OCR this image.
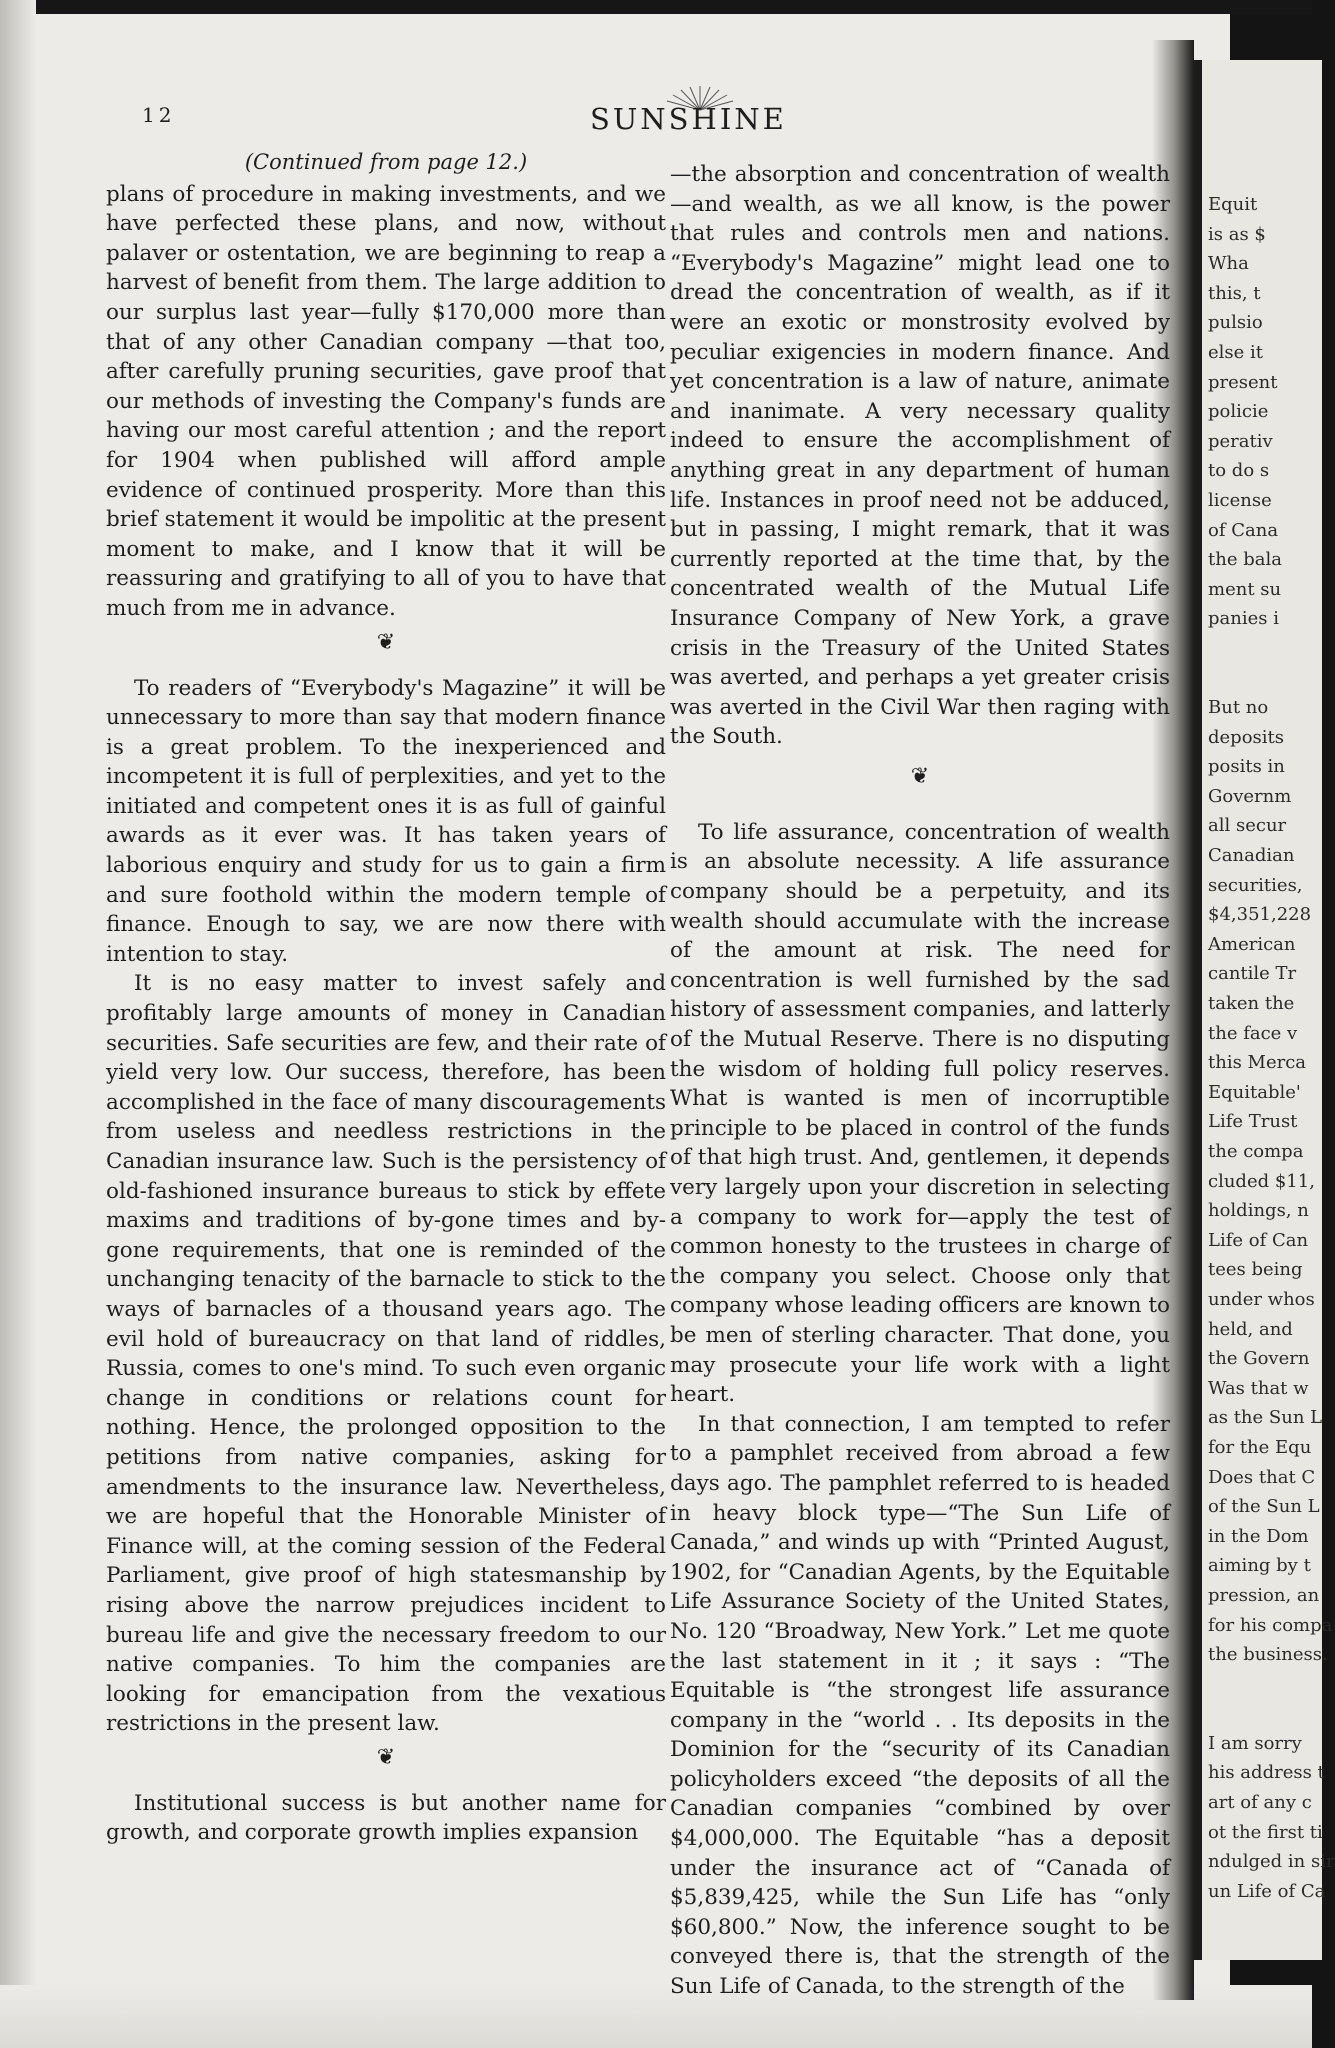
Equit
is as $
Wha
this, t
pulsio
else it
present
policie
perativ
to do s
license
of Cana
the bala
ment su
panies i
But no
deposits
posits in
Governm
all secur
Canadian
securities,
$4,351,228
American
cantile Tr
taken the
the face v
this Merca
Equitable'
Life Trust
the compa
cluded $11,
holdings, n
Life of Can
tees being
under whos
held, and
the Govern
Was that w
as the Sun L
for the Equ
Does that C
of the Sun L
in the Dom
aiming by t
pression, an
for his compa
the business.
I am sorry
his address t
art of any c
ot the first ti
ndulged in sir
un Life of Ca
12	SUNSHINE

(Continued from page 12.)

plans of procedure in making investments, and we have perfected these plans, and now, without palaver or ostentation, we are beginning to reap a harvest of benefit from them. The large addition to our surplus last year—fully $170,000 more than that of any other Canadian company —that too, after carefully pruning securities, gave proof that our methods of investing the Company's funds are having our most careful attention ; and the report for 1904 when published will afford ample evidence of continued prosperity. More than this brief statement it would be impolitic at the present moment to make, and I know that it will be reassuring and gratifying to all of you to have that much from me in advance.

❦

To readers of “Everybody's Magazine” it will be unnecessary to more than say that modern finance is a great problem. To the inexperienced and incompetent it is full of perplexities, and yet to the initiated and competent ones it is as full of gainful awards as it ever was. It has taken years of laborious enquiry and study for us to gain a firm and sure foothold within the modern temple of finance. Enough to say, we are now there with intention to stay.

It is no easy matter to invest safely and profitably large amounts of money in Canadian securities. Safe securities are few, and their rate of yield very low. Our success, therefore, has been accomplished in the face of many discouragements from useless and needless restrictions in the Canadian insurance law. Such is the persistency of old-fashioned insurance bureaus to stick by effete maxims and traditions of by-gone times and by-gone requirements, that one is reminded of the unchanging tenacity of the barnacle to stick to the ways of barnacles of a thousand years ago. The evil hold of bureaucracy on that land of riddles, Russia, comes to one's mind. To such even organic change in conditions or relations count for nothing. Hence, the prolonged opposition to the petitions from native companies, asking for amendments to the insurance law. Nevertheless, we are hopeful that the Honorable Minister of Finance will, at the coming session of the Federal Parliament, give proof of high statesmanship by rising above the narrow prejudices incident to bureau life and give the necessary freedom to our native companies. To him the companies are looking for emancipation from the vexatious restrictions in the present law.

❦

Institutional success is but another name for growth, and corporate growth implies expansion

—the absorption and concentration of wealth—and wealth, as we all know, is the power that rules and controls men and nations. “Everybody's Magazine” might lead one to dread the concentration of wealth, as if it were an exotic or monstrosity evolved by peculiar exigencies in modern finance. And yet concentration is a law of nature, animate and inanimate. A very necessary quality indeed to ensure the accomplishment of anything great in any department of human life. Instances in proof need not be adduced, but in passing, I might remark, that it was currently reported at the time that, by the concentrated wealth of the Mutual Life Insurance Company of New York, a grave crisis in the Treasury of the United States was averted, and perhaps a yet greater crisis was averted in the Civil War then raging with the South.

❦

To life assurance, concentration of wealth is an absolute necessity. A life assurance company should be a perpetuity, and its wealth should accumulate with the increase of the amount at risk. The need for concentration is well furnished by the sad history of assessment companies, and latterly of the Mutual Reserve. There is no disputing the wisdom of holding full policy reserves. What is wanted is men of incorruptible principle to be placed in control of the funds of that high trust. And, gentlemen, it depends very largely upon your discretion in selecting a company to work for—apply the test of common honesty to the trustees in charge of the company you select. Choose only that company whose leading officers are known to be men of sterling character. That done, you may prosecute your life work with a light heart.

In that connection, I am tempted to refer to a pamphlet received from abroad a few days ago. The pamphlet referred to is headed in heavy block type—“The Sun Life of Canada,” and winds up with “Printed August, 1902, for “Canadian Agents, by the Equitable Life Assurance Society of the United States, No. 120 “Broadway, New York.” Let me quote the last statement in it ; it says : “The Equitable is “the strongest life assurance company in the “world . . Its deposits in the Dominion for the “security of its Canadian policyholders exceed “the deposits of all the Canadian companies “combined by over $4,000,000. The Equitable “has a deposit under the insurance act of “Canada of $5,839,425, while the Sun Life has “only $60,800.” Now, the inference sought to be conveyed there is, that the strength of the Sun Life of Canada, to the strength of the
